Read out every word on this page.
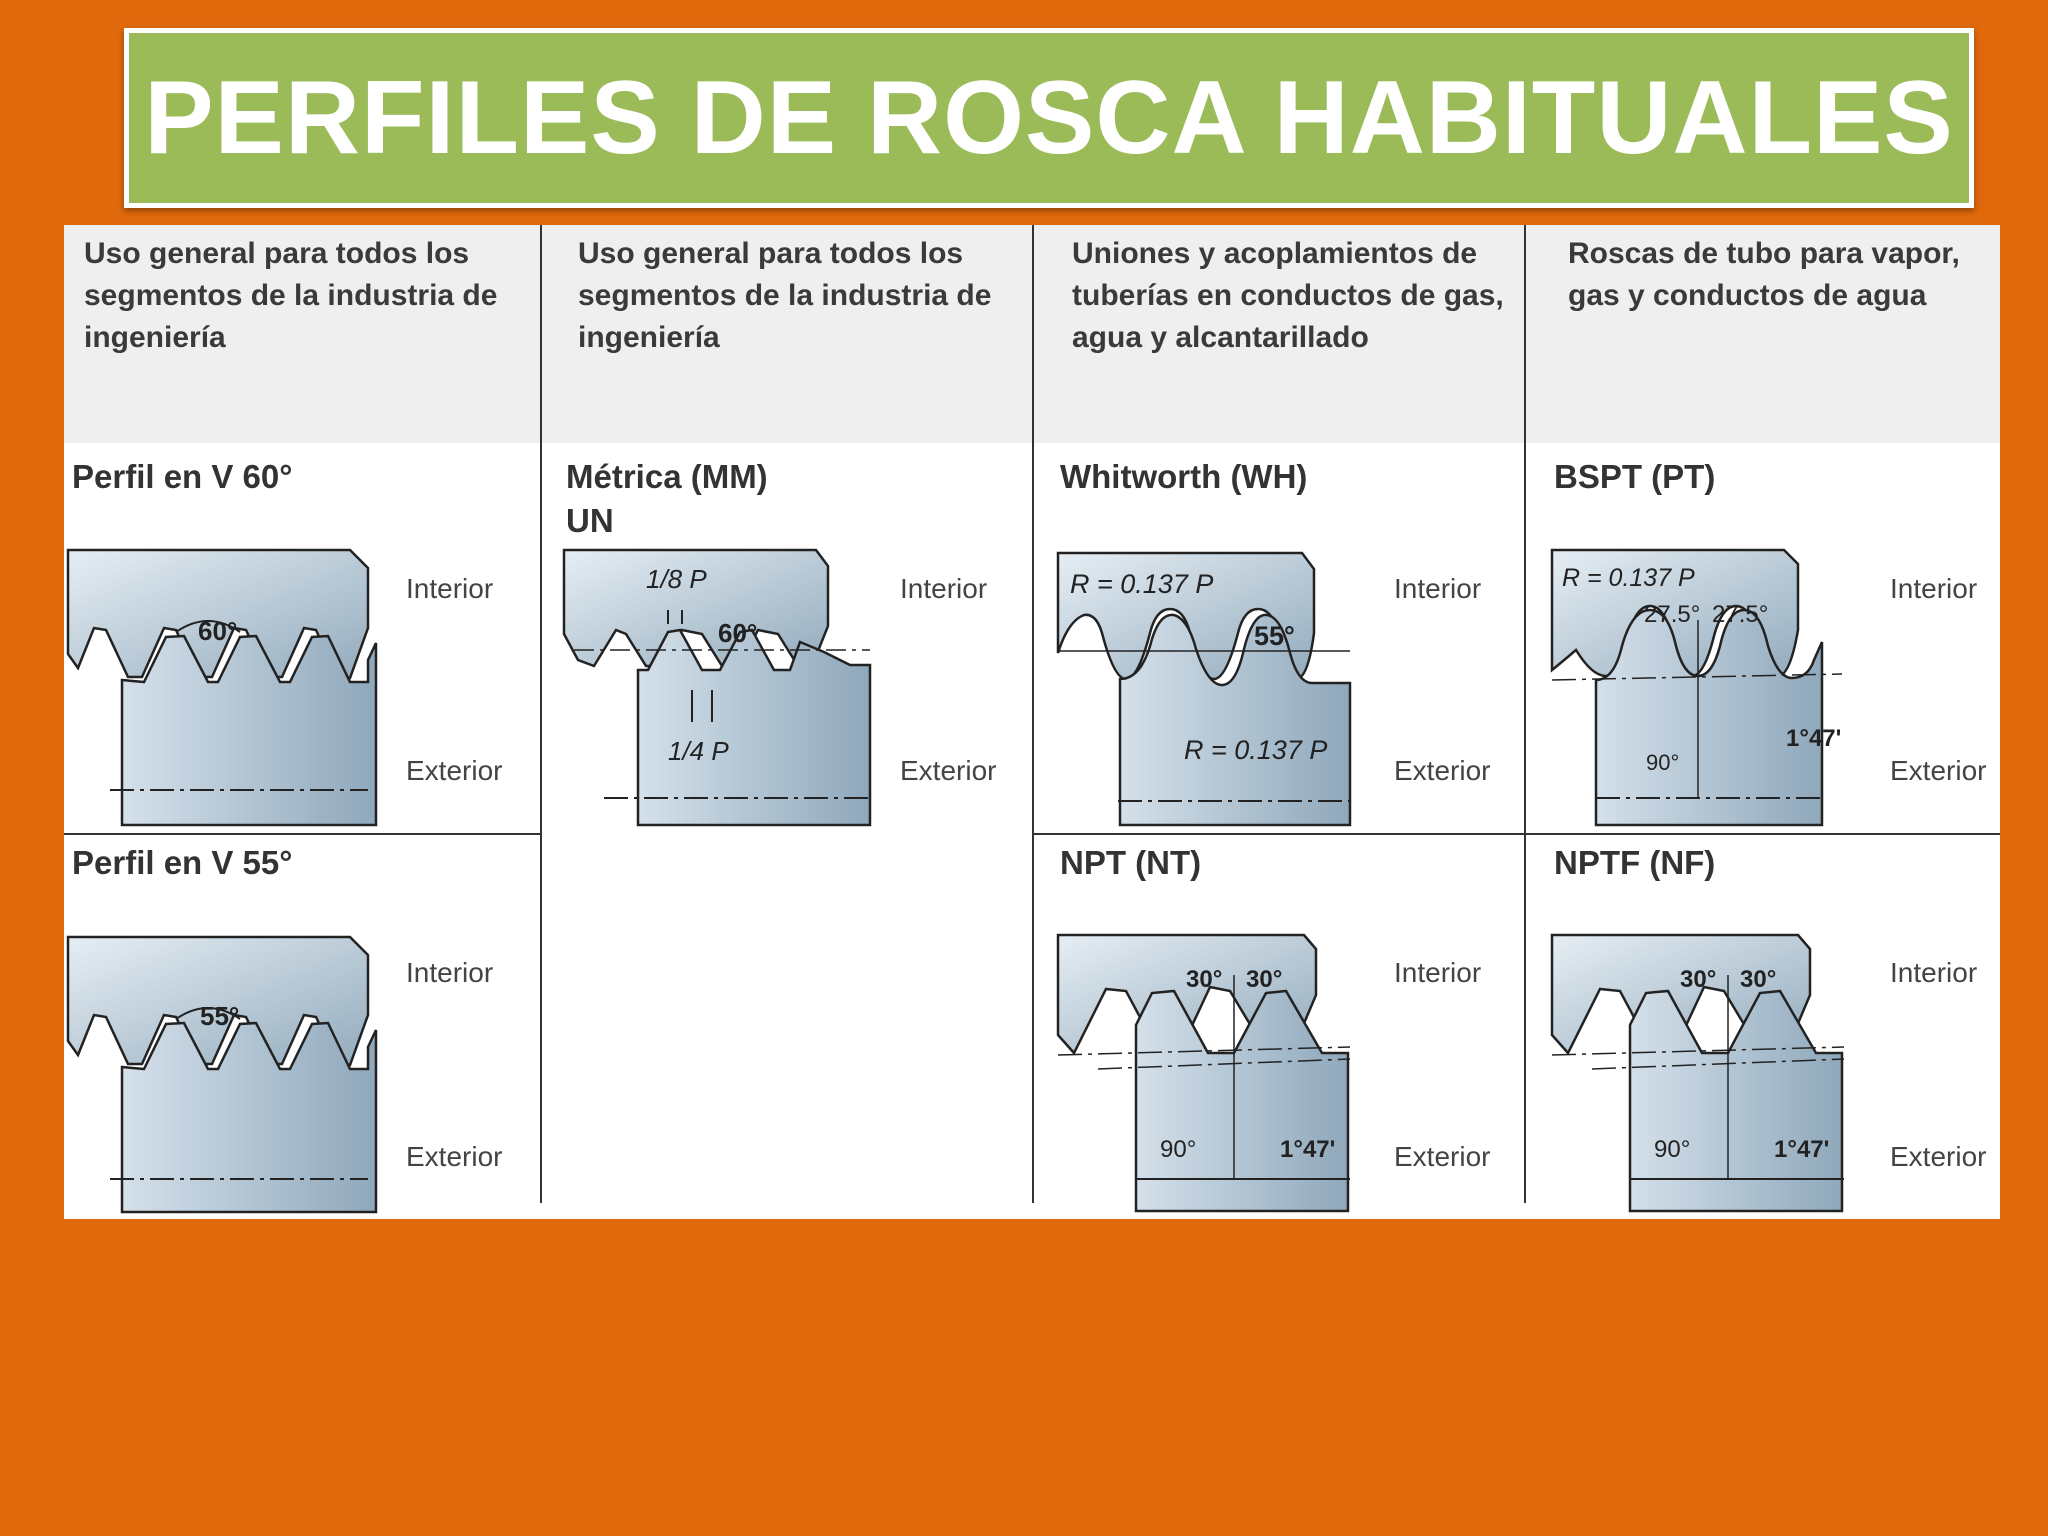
PERFILES DE ROSCA HABITUALES
Uso general para todos los segmentos de la industria de ingeniería
Uso general para todos los segmentos de la industria de ingeniería
Uniones y acoplamientos de tuberías en conductos de gas, agua y alcantarillado
Roscas de tubo para vapor, gas y conductos de agua
Perfil en V 60°
60°
Interior
Exterior
Perfil en V 55°
55°
Interior
Exterior
Métrica (MM)
UN
1/8 P
60°
1/4 P
Interior
Exterior
Whitworth (WH)
R = 0.137 P
55°
R = 0.137 P
Interior
Exterior
NPT (NT)
30° 30°
90°	1°47'
Interior
Exterior
BSPT (PT)
R = 0.137 P
27.5° 27.5°
90°
1°47'
Interior
Exterior
NPTF (NF)
30° 30°
90°	1°47'
Interior
Exterior
